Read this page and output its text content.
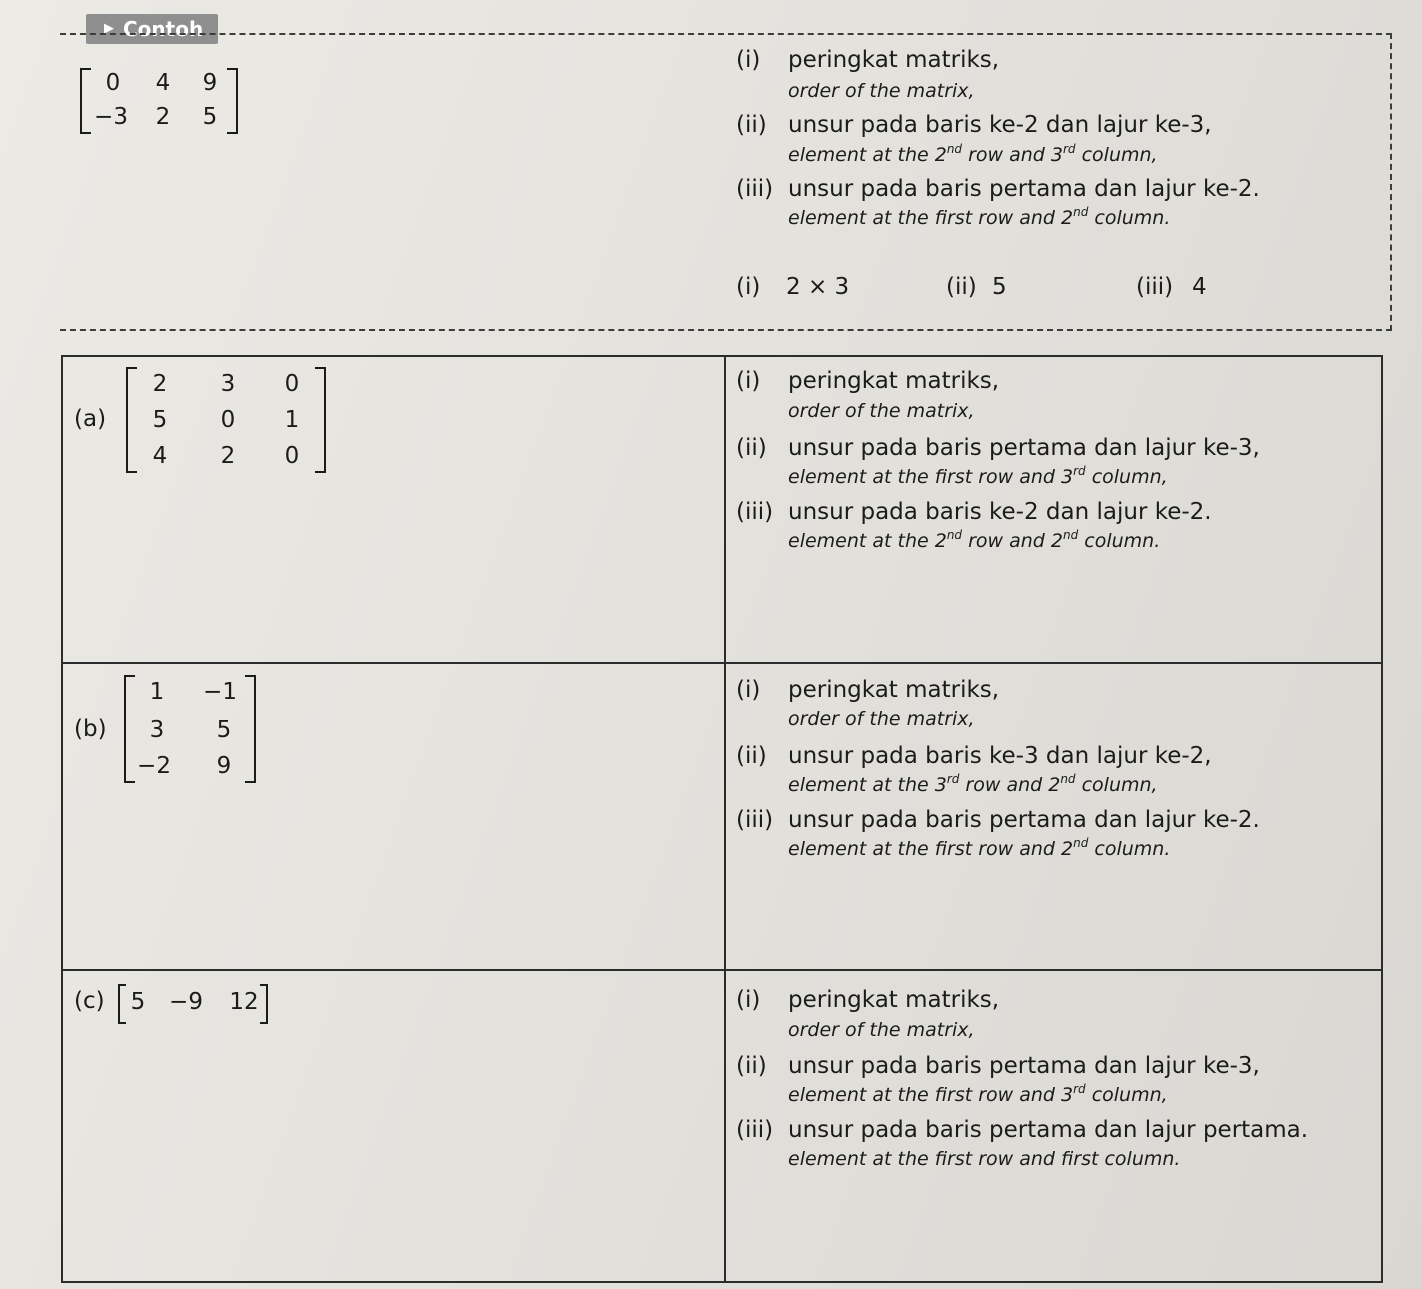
▶ Contoh
0	4	9
−3	2	5
(i) peringkat matriks,
order of the matrix,
(ii) unsur pada baris ke-2 dan lajur ke-3,
element at the 2nd row and 3rd column,
(iii) unsur pada baris pertama dan lajur ke-2.
element at the first row and 2nd column.
(i) 2 × 3	(ii) 5	(iii) 4
(a)
2	3	0
5	0	1
4	2	0
(i) peringkat matriks,
order of the matrix,
(ii) unsur pada baris pertama dan lajur ke-3,
element at the first row and 3rd column,
(iii) unsur pada baris ke-2 dan lajur ke-2.
element at the 2nd row and 2nd column.
(b)
1	−1
3	5
−2	9
(i) peringkat matriks,
order of the matrix,
(ii) unsur pada baris ke-3 dan lajur ke-2,
element at the 3rd row and 2nd column,
(iii) unsur pada baris pertama dan lajur ke-2.
element at the first row and 2nd column.
(c)	5	−9	12	(i) peringkat matriks,
order of the matrix,
(ii) unsur pada baris pertama dan lajur ke-3,
element at the first row and 3rd column,
(iii) unsur pada baris pertama dan lajur pertama.
element at the first row and first column.
